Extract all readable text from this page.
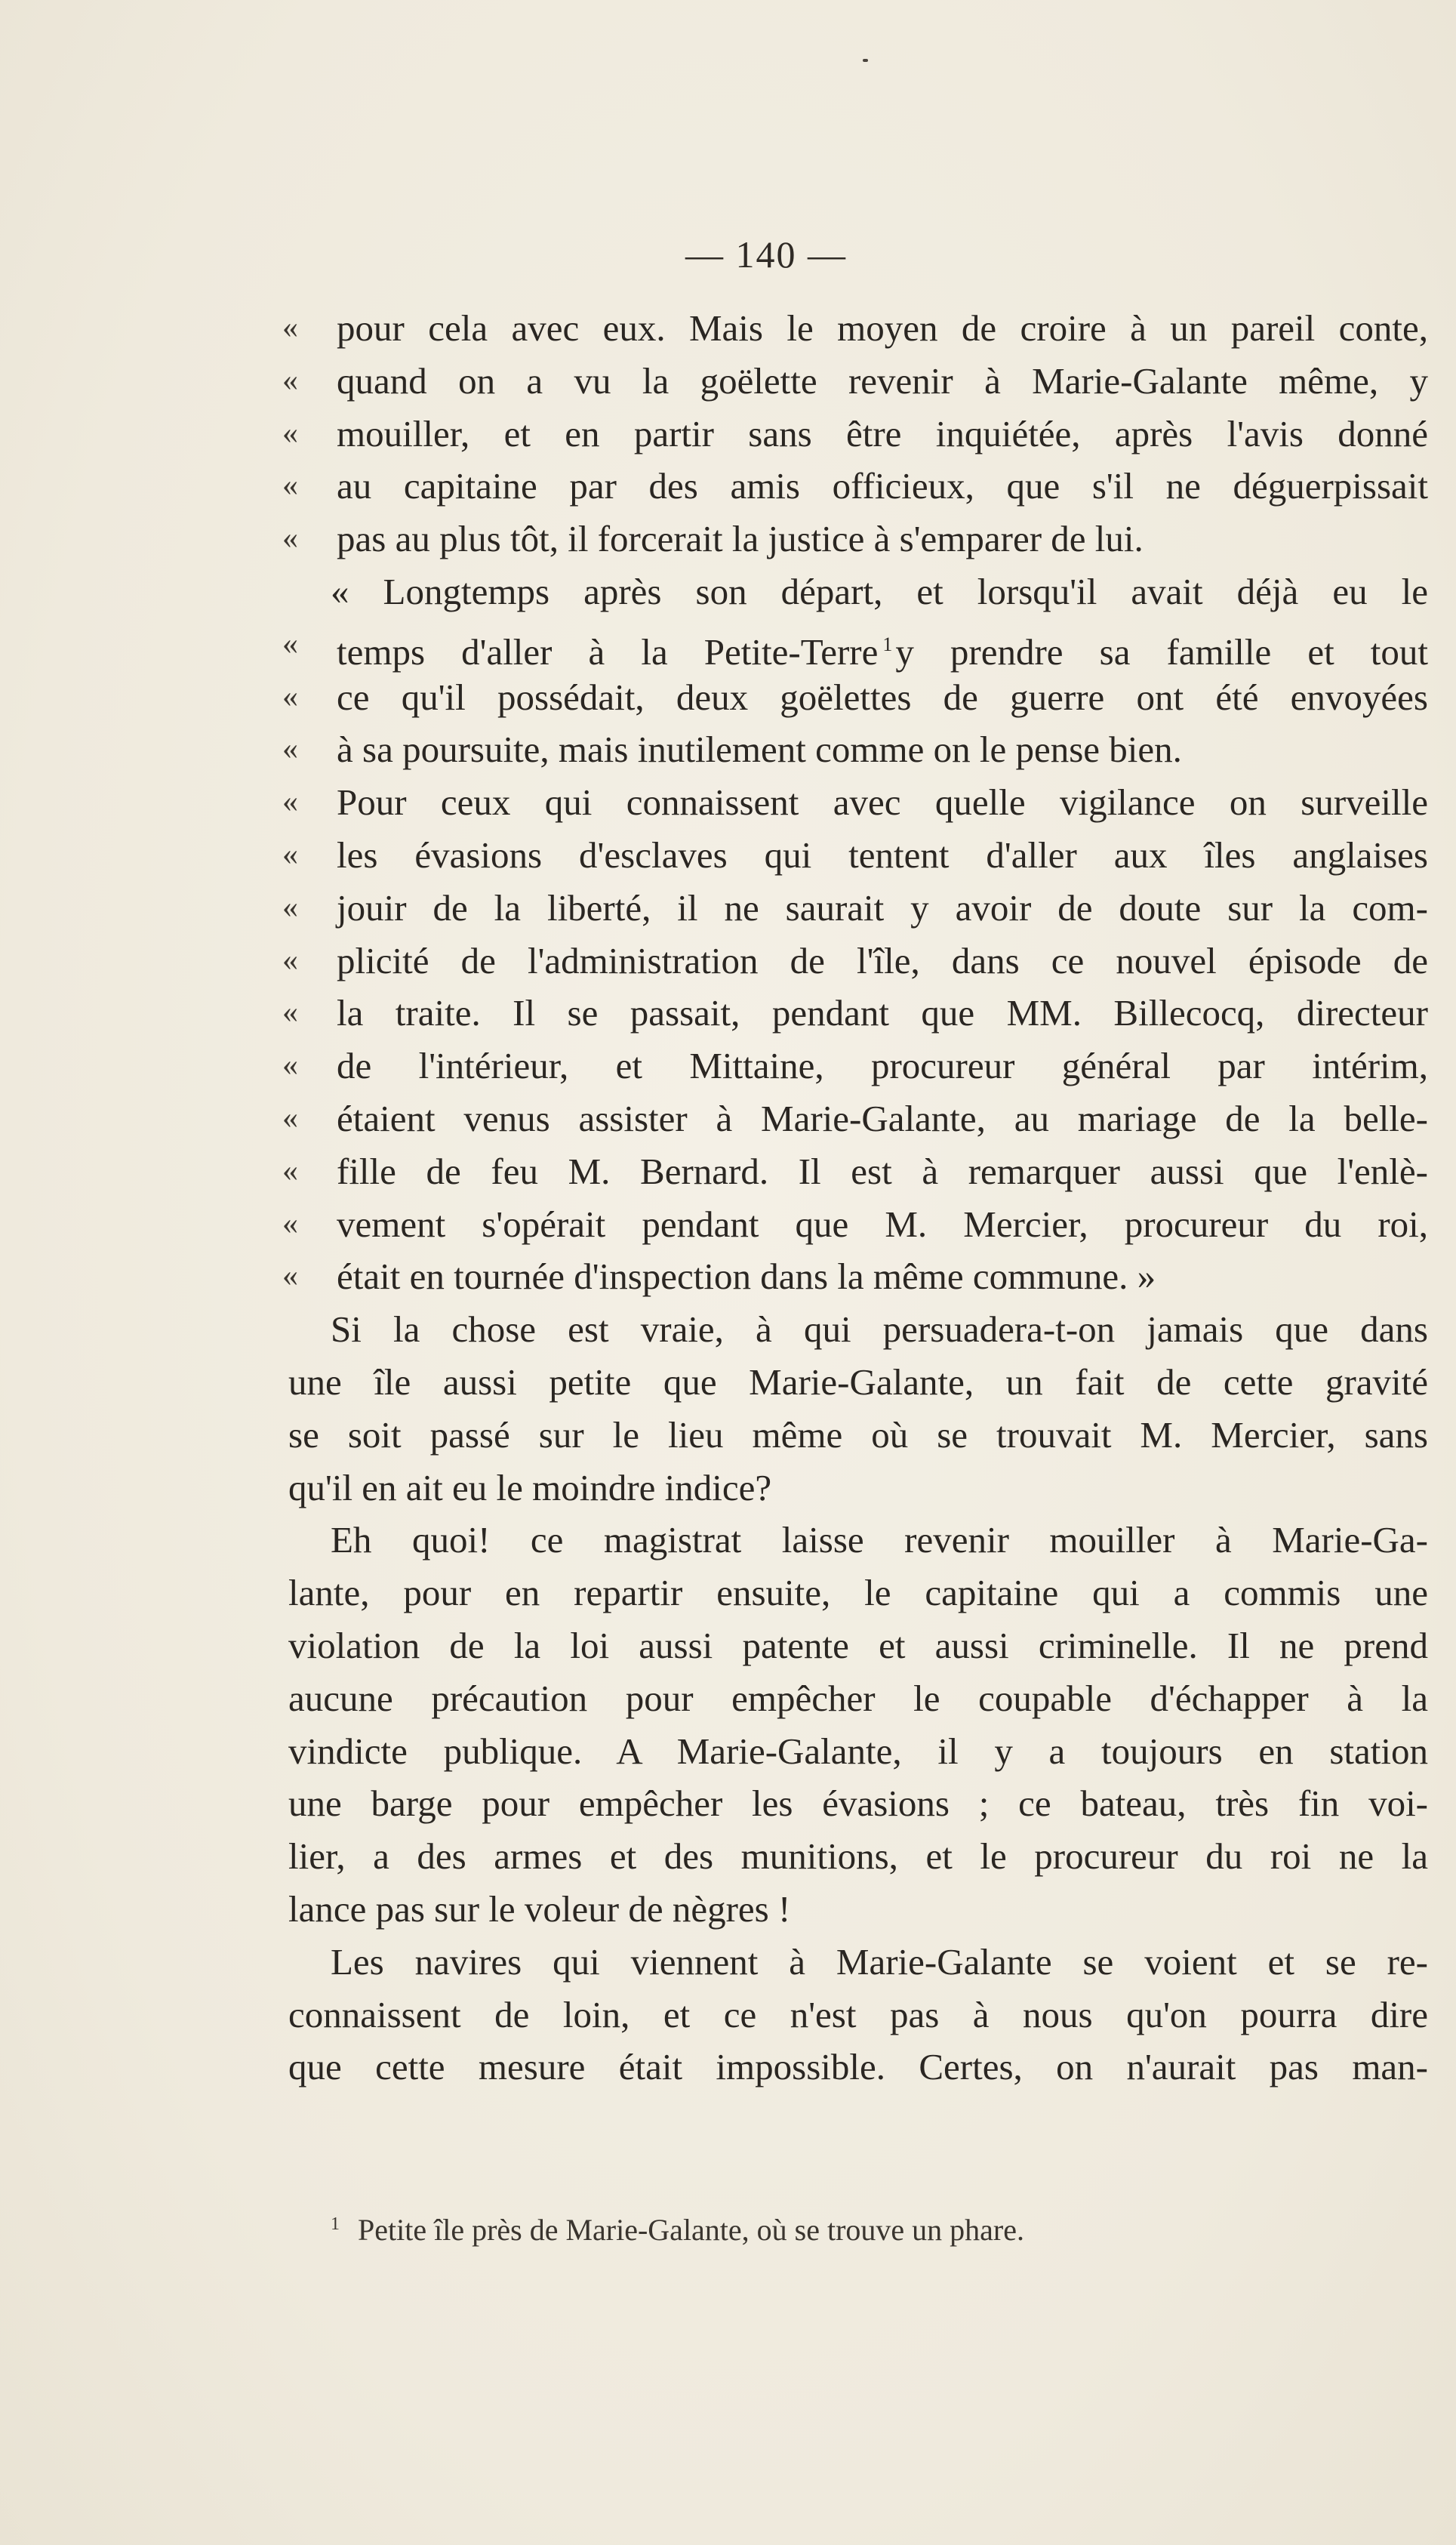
— 140 —
« pour cela avec eux. Mais le moyen de croire à un pareil conte,
« quand on a vu la goëlette revenir à Marie-Galante même, y
« mouiller, et en partir sans être inquiétée, après l'avis donné
« au capitaine par des amis officieux, que s'il ne déguerpissait
« pas au plus tôt, il forcerait la justice à s'emparer de lui.
« Longtemps après son départ, et lorsqu'il avait déjà eu le
« temps d'aller à la Petite-Terre $^1$y prendre sa famille et tout
« ce qu'il possédait, deux goëlettes de guerre ont été envoyées
« à sa poursuite, mais inutilement comme on le pense bien.
« Pour ceux qui connaissent avec quelle vigilance on surveille
« les évasions d'esclaves qui tentent d'aller aux îles anglaises
« jouir de la liberté, il ne saurait y avoir de doute sur la com-
« plicité de l'administration de l'île, dans ce nouvel épisode de
« la traite. Il se passait, pendant que MM. Billecocq, directeur
« de l'intérieur, et Mittaine, procureur général par intérim,
« étaient venus assister à Marie-Galante, au mariage de la belle-
« fille de feu M. Bernard. Il est à remarquer aussi que l'enlè-
« vement s'opérait pendant que M. Mercier, procureur du roi,
« était en tournée d'inspection dans la même commune. »
Si la chose est vraie, à qui persuadera-t-on jamais que dans
une île aussi petite que Marie-Galante, un fait de cette gravité
se soit passé sur le lieu même où se trouvait M. Mercier, sans
qu'il en ait eu le moindre indice?
Eh quoi! ce magistrat laisse revenir mouiller à Marie-Ga-
lante, pour en repartir ensuite, le capitaine qui a commis une
violation de la loi aussi patente et aussi criminelle. Il ne prend
aucune précaution pour empêcher le coupable d'échapper à la
vindicte publique. A Marie-Galante, il y a toujours en station
une barge pour empêcher les évasions ; ce bateau, très fin voi-
lier, a des armes et des munitions, et le procureur du roi ne la
lance pas sur le voleur de nègres !
Les navires qui viennent à Marie-Galante se voient et se re-
connaissent de loin, et ce n'est pas à nous qu'on pourra dire
que cette mesure était impossible. Certes, on n'aurait pas man-
$^1$ Petite île près de Marie-Galante, où se trouve un phare.
